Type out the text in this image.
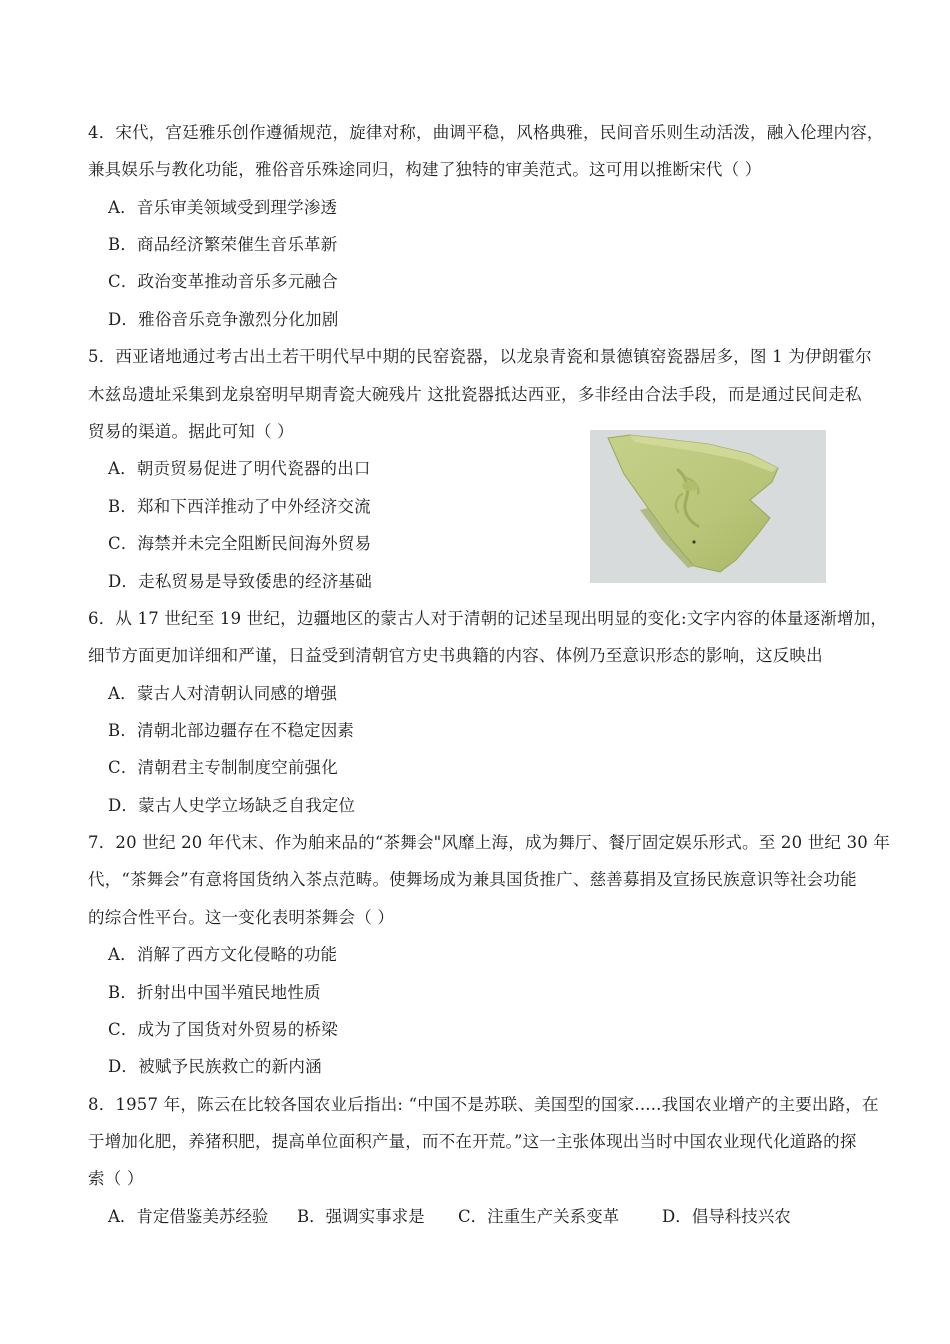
4．宋代，宫廷雅乐创作遵循规范，旋律对称，曲调平稳，风格典雅，民间音乐则生动活泼，融入伦理内容，
兼具娱乐与教化功能，雅俗音乐殊途同归，构建了独特的审美范式。这可用以推断宋代（ ）
A．音乐审美领域受到理学渗透
B．商品经济繁荣催生音乐革新
C．政治变革推动音乐多元融合
D．雅俗音乐竞争激烈分化加剧
5．西亚诸地通过考古出土若干明代早中期的民窑瓷器，以龙泉青瓷和景德镇窑瓷器居多，图 1 为伊朗霍尔
木兹岛遗址采集到龙泉窑明早期青瓷大碗残片 这批瓷器抵达西亚，多非经由合法手段，而是通过民间走私
贸易的渠道。据此可知（ ）
A．朝贡贸易促进了明代瓷器的出口
B．郑和下西洋推动了中外经济交流
C．海禁并未完全阻断民间海外贸易
D．走私贸易是导致倭患的经济基础
6．从 17 世纪至 19 世纪，边疆地区的蒙古人对于清朝的记述呈现出明显的变化:文字内容的体量逐渐增加，
细节方面更加详细和严谨，日益受到清朝官方史书典籍的内容、体例乃至意识形态的影响，这反映出
A．蒙古人对清朝认同感的增强
B．清朝北部边疆存在不稳定因素
C．清朝君主专制制度空前强化
D．蒙古人史学立场缺乏自我定位
7．20 世纪 20 年代末、作为舶来品的“茶舞会"风靡上海，成为舞厅、餐厅固定娱乐形式。至 20 世纪 30 年
代，“茶舞会”有意将国货纳入茶点范畴。使舞场成为兼具国货推广、慈善募捐及宣扬民族意识等社会功能
的综合性平台。这一变化表明茶舞会（ ）
A．消解了西方文化侵略的功能
B．折射出中国半殖民地性质
C．成为了国货对外贸易的桥梁
D．被赋予民族救亡的新内涵
8．1957 年，陈云在比较各国农业后指出: “中国不是苏联、美国型的国家.....我国农业增产的主要出路，在
于增加化肥，养猪积肥，提高单位面积产量，而不在开荒。”这一主张体现出当时中国农业现代化道路的探
索（ ）
A．肯定借鉴美苏经验 B．强调实事求是 C．注重生产关系变革	D．倡导科技兴农
